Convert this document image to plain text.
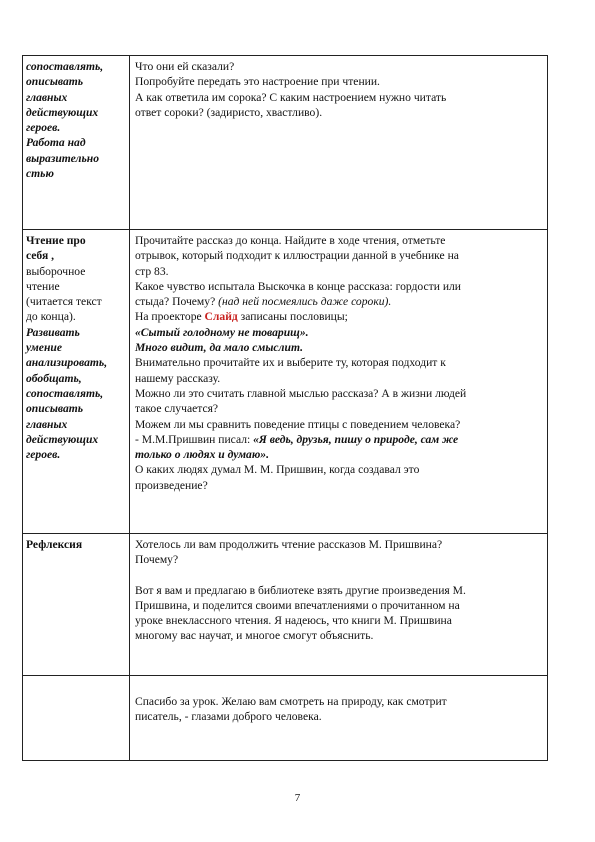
сопоставлять,
описывать
главных
действующих
героев.
Работа над
выразительно
стью
Что они ей сказали?
Попробуйте передать это настроение при чтении.
А как ответила им сорока? С каким настроением нужно читать
ответ сороки? (задиристо, хвастливо).
Чтение про
себя ,
выборочное
чтение
(читается текст
до конца).
Развивать
умение
анализировать,
обобщать,
сопоставлять,
описывать
главных
действующих
героев.
Прочитайте рассказ до конца. Найдите в ходе чтения, отметьте
отрывок, который подходит к иллюстрации данной в учебнике на
стр 83.
Какое чувство испытала Выскочка в конце рассказа: гордости или
стыда? Почему? (над ней посмеялись даже сороки).
На проекторе Слайд записаны пословицы;
«Сытый голодному не товарищ».
Много видит, да мало смыслит.
Внимательно прочитайте их и выберите ту, которая подходит к
нашему рассказу.
Можно ли это считать главной мыслью рассказа? А в жизни людей
такое случается?
Можем ли мы сравнить поведение птицы с поведением человека?
- М.М.Пришвин писал: «Я ведь, друзья, пишу о природе, сам же
только о людях и думаю».
О каких людях думал М. М. Пришвин, когда создавал это
произведение?
Рефлексия	Хотелось ли вам продолжить чтение рассказов М. Пришвина?
Почему?
Вот я вам и предлагаю в библиотеке взять другие произведения М.
Пришвина, и поделится своими впечатлениями о прочитанном на
уроке внеклассного чтения. Я надеюсь, что книги М. Пришвина
многому вас научат, и многое смогут объяснить.
Спасибо за урок. Желаю вам смотреть на природу, как смотрит
писатель, - глазами доброго человека.
7
